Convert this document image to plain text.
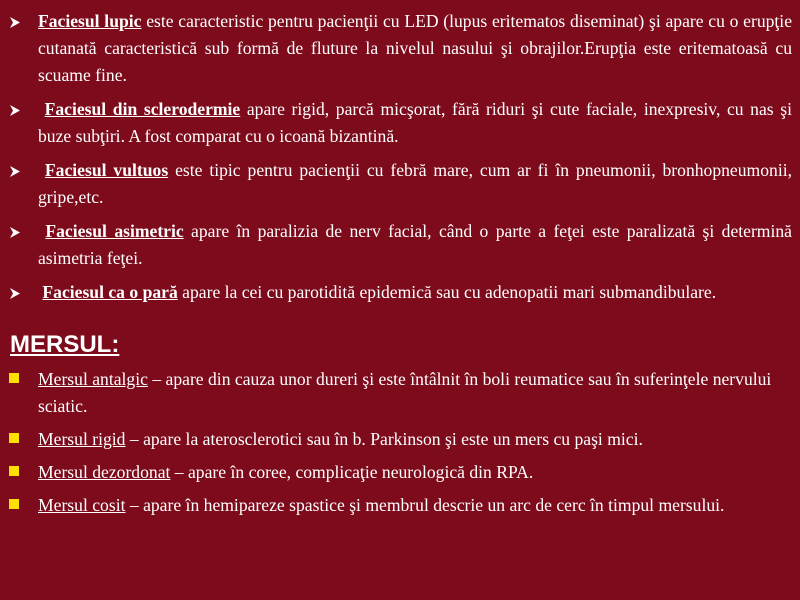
Faciesul lupic este caracteristic pentru pacienţii cu LED (lupus eritematos diseminat) şi apare cu o erupţie cutanată caracteristică sub formă de fluture la nivelul nasului şi obrajilor.Erupţia este eritematoasă cu scuame fine.
Faciesul din sclerodermie apare rigid, parcă micşorat, fără riduri şi cute faciale, inexpresiv, cu nas şi buze subţiri. A fost comparat cu o icoană bizantină.
Faciesul vultuos este tipic pentru pacienţii cu febră mare, cum ar fi în pneumonii, bronhopneumonii, gripe,etc.
Faciesul asimetric apare în paralizia de nerv facial, când o parte a feţei este paralizată şi determină asimetria feţei.
Faciesul ca o pară apare la cei cu parotidită epidemică sau cu adenopatii mari submandibulare.
MERSUL:
Mersul antalgic – apare din cauza unor dureri şi este întâlnit în boli reumatice sau în suferinţele nervului sciatic.
Mersul rigid – apare la aterosclerotici sau în b. Parkinson şi este un mers cu paşi mici.
Mersul dezordonat – apare în coree, complicaţie neurologică din RPA.
Mersul cosit – apare în hemipareze spastice şi membrul descrie un arc de cerc în timpul mersului.
